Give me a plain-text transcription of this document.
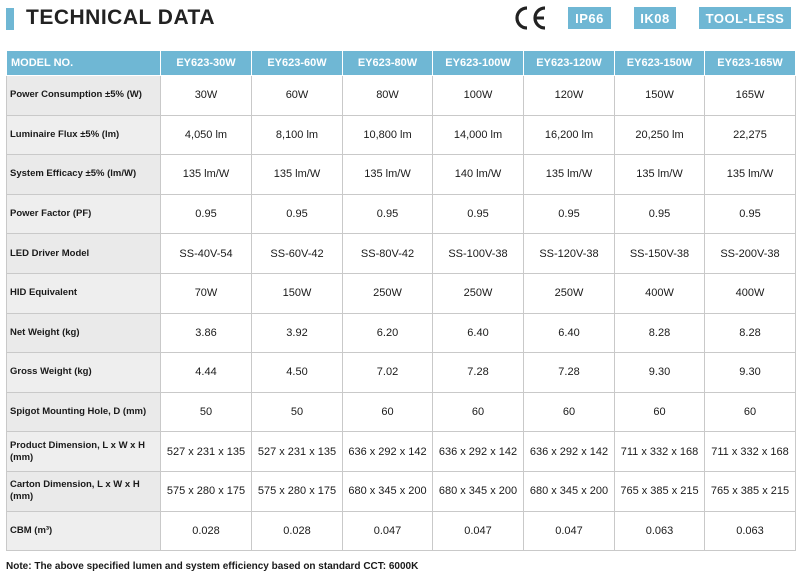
TECHNICAL DATA	IP66	IK08	TOOL-LESS
MODEL NO.	EY623-30W	EY623-60W	EY623-80W	EY623-100W	EY623-120W	EY623-150W	EY623-165W
Power Consumption ±5% (W)	30W	60W	80W	100W	120W	150W	165W
Luminaire Flux ±5% (lm)	4,050 lm	8,100 lm	10,800 lm	14,000 lm	16,200 lm	20,250 lm	22,275
System Efficacy ±5% (lm/W)	135 lm/W	135 lm/W	135 lm/W	140 lm/W	135 lm/W	135 lm/W	135 lm/W
Power Factor (PF)	0.95	0.95	0.95	0.95	0.95	0.95	0.95
LED Driver Model	SS-40V-54	SS-60V-42	SS-80V-42	SS-100V-38	SS-120V-38	SS-150V-38	SS-200V-38
HID Equivalent	70W	150W	250W	250W	250W	400W	400W
Net Weight (kg)	3.86	3.92	6.20	6.40	6.40	8.28	8.28
Gross Weight (kg)	4.44	4.50	7.02	7.28	7.28	9.30	9.30
Spigot Mounting Hole, D (mm)	50	50	60	60	60	60	60
Product Dimension, L x W x H (mm)	527 x 231 x 135	527 x 231 x 135	636 x 292 x 142	636 x 292 x 142	636 x 292 x 142	711 x 332 x 168	711 x 332 x 168
Carton Dimension, L x W x H (mm)	575 x 280 x 175	575 x 280 x 175	680 x 345 x 200	680 x 345 x 200	680 x 345 x 200	765 x 385 x 215	765 x 385 x 215
CBM (m³)	0.028	0.028	0.047	0.047	0.047	0.063	0.063
Note: The above specified lumen and system efficiency based on standard CCT: 6000K
